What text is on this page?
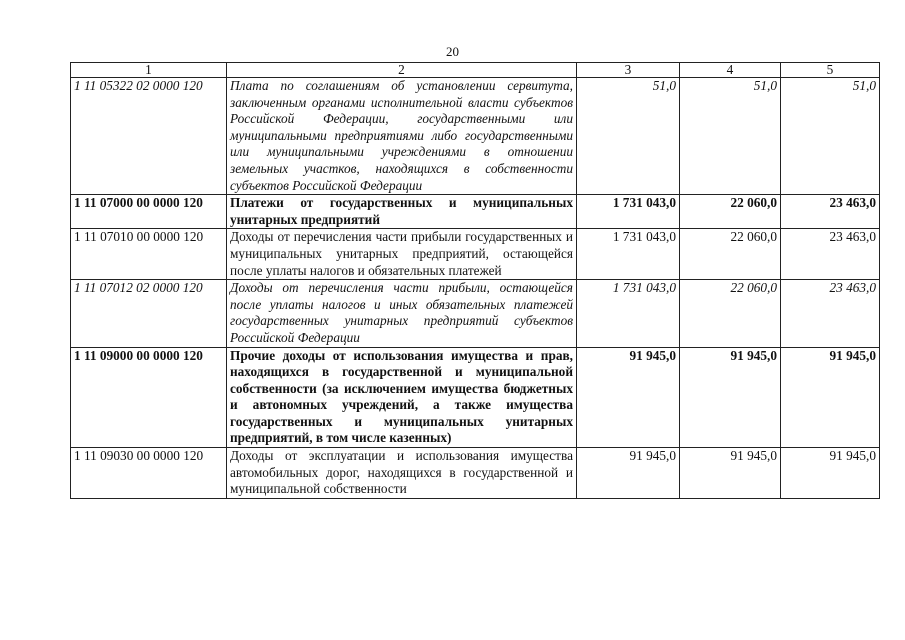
20
1	2	3	4	5
1 11 05322 02 0000 120	Плата по соглашениям об установлении сервитута, заключенным органами исполнительной власти субъектов Российской Федерации, государственными или муниципальными предприятиями либо государственными или муниципальными учреждениями в отношении земельных участков, находящихся в собственности субъектов Российской Федерации	51,0	51,0	51,0
1 11 07000 00 0000 120	Платежи от государственных и муниципальных унитарных предприятий	1 731 043,0	22 060,0	23 463,0
1 11 07010 00 0000 120	Доходы от перечисления части прибыли государственных и муниципальных унитарных предприятий, остающейся после уплаты налогов и обязательных платежей	1 731 043,0	22 060,0	23 463,0
1 11 07012 02 0000 120	Доходы от перечисления части прибыли, остающейся после уплаты налогов и иных обязательных платежей государственных унитарных предприятий субъектов Российской Федерации	1 731 043,0	22 060,0	23 463,0
1 11 09000 00 0000 120	Прочие доходы от использования имущества и прав, находящихся в государственной и муниципальной собственности (за исключением имущества бюджетных и автономных учреждений, а также имущества государственных и муниципальных унитарных предприятий, в том числе казенных)	91 945,0	91 945,0	91 945,0
1 11 09030 00 0000 120	Доходы от эксплуатации и использования имущества автомобильных дорог, находящихся в государственной и муниципальной собственности	91 945,0	91 945,0	91 945,0
